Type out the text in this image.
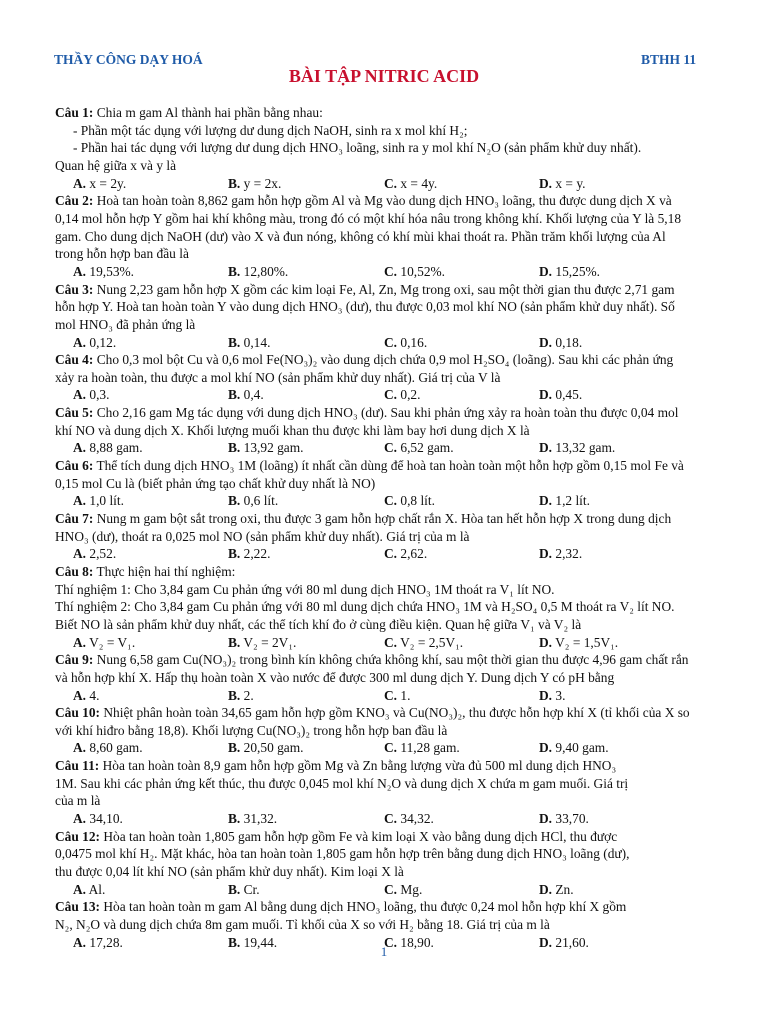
THẦY CÔNG DẠY HOÁ	BTHH 11
BÀI TẬP NITRIC ACID
Câu 1: Chia m gam Al thành hai phần bằng nhau:
- Phần một tác dụng với lượng dư dung dịch NaOH, sinh ra x mol khí H₂;
- Phần hai tác dụng với lượng dư dung dịch HNO₃ loãng, sinh ra y mol khí N₂O (sản phẩm khử duy nhất).
Quan hệ giữa x và y là
A. x = 2y.	B. y = 2x.	C. x = 4y.	D. x = y.
Câu 2: Hoà tan hoàn toàn 8,862 gam hỗn hợp gồm Al và Mg vào dung dịch HNO₃ loãng, thu được dung dịch X và
0,14 mol hỗn hợp Y gồm hai khí không màu, trong đó có một khí hóa nâu trong không khí. Khối lượng của Y là 5,18
gam. Cho dung dịch NaOH (dư) vào X và đun nóng, không có khí mùi khai thoát ra. Phần trăm khối lượng của Al
trong hỗn hợp ban đầu là
A. 19,53%.	B. 12,80%.	C. 10,52%.	D. 15,25%.
Câu 3: Nung 2,23 gam hỗn hợp X gồm các kim loại Fe, Al, Zn, Mg trong oxi, sau một thời gian thu được 2,71 gam
hỗn hợp Y. Hoà tan hoàn toàn Y vào dung dịch HNO₃ (dư), thu được 0,03 mol khí NO (sản phẩm khử duy nhất). Số
mol HNO₃ đã phản ứng là
A. 0,12.	B. 0,14.	C. 0,16.	D. 0,18.
Câu 4: Cho 0,3 mol bột Cu và 0,6 mol Fe(NO₃)₂ vào dung dịch chứa 0,9 mol H₂SO₄ (loãng). Sau khi các phản ứng
xảy ra hoàn toàn, thu được a mol khí NO (sản phẩm khử duy nhất). Giá trị của V là
A. 0,3.	B. 0,4.	C. 0,2.	D. 0,45.
Câu 5: Cho 2,16 gam Mg tác dụng với dung dịch HNO₃ (dư). Sau khi phản ứng xảy ra hoàn toàn thu được 0,04 mol
khí NO và dung dịch X. Khối lượng muối khan thu được khi làm bay hơi dung dịch X là
A. 8,88 gam.	B. 13,92 gam.	C. 6,52 gam.	D. 13,32 gam.
Câu 6: Thể tích dung dịch HNO₃ 1M (loãng) ít nhất cần dùng để hoà tan hoàn toàn một hỗn hợp gồm 0,15 mol Fe và
0,15 mol Cu là (biết phản ứng tạo chất khử duy nhất là NO)
A. 1,0 lít.	B. 0,6 lít.	C. 0,8 lít.	D. 1,2 lít.
Câu 7: Nung m gam bột sắt trong oxi, thu được 3 gam hỗn hợp chất rắn X. Hòa tan hết hỗn hợp X trong dung dịch
HNO₃ (dư), thoát ra 0,025 mol NO (sản phẩm khử duy nhất). Giá trị của m là
A. 2,52.	B. 2,22.	C. 2,62.	D. 2,32.
Câu 8: Thực hiện hai thí nghiệm:
Thí nghiệm 1: Cho 3,84 gam Cu phản ứng với 80 ml dung dịch HNO₃ 1M thoát ra V₁ lít NO.
Thí nghiệm 2: Cho 3,84 gam Cu phản ứng với 80 ml dung dịch chứa HNO₃ 1M và H₂SO₄ 0,5 M thoát ra V₂ lít NO.
Biết NO là sản phẩm khử duy nhất, các thể tích khí đo ở cùng điều kiện. Quan hệ giữa V₁ và V₂ là
A. V₂ = V₁.	B. V₂ = 2V₁.	C. V₂ = 2,5V₁.	D. V₂ = 1,5V₁.
Câu 9: Nung 6,58 gam Cu(NO₃)₂ trong bình kín không chứa không khí, sau một thời gian thu được 4,96 gam chất rắn
và hỗn hợp khí X. Hấp thụ hoàn toàn X vào nước để được 300 ml dung dịch Y. Dung dịch Y có pH bằng
A. 4.	B. 2.	C. 1.	D. 3.
Câu 10: Nhiệt phân hoàn toàn 34,65 gam hỗn hợp gồm KNO₃ và Cu(NO₃)₂, thu được hỗn hợp khí X (tỉ khối của X so
với khí hiđro bằng 18,8). Khối lượng Cu(NO₃)₂ trong hỗn hợp ban đầu là
A. 8,60 gam.	B. 20,50 gam.	C. 11,28 gam.	D. 9,40 gam.
Câu 11: Hòa tan hoàn toàn 8,9 gam hỗn hợp gồm Mg và Zn bằng lượng vừa đủ 500 ml dung dịch HNO₃
1M. Sau khi các phản ứng kết thúc, thu được 0,045 mol khí N₂O và dung dịch X chứa m gam muối. Giá trị
của m là
A. 34,10.	B. 31,32.	C. 34,32.	D. 33,70.
Câu 12: Hòa tan hoàn toàn 1,805 gam hỗn hợp gồm Fe và kim loại X vào bằng dung dịch HCl, thu được
0,0475 mol khí H₂. Mặt khác, hòa tan hoàn toàn 1,805 gam hỗn hợp trên bằng dung dịch HNO₃ loãng (dư),
thu được 0,04 lít khí NO (sản phẩm khử duy nhất). Kim loại X là
A. Al.	B. Cr.	C. Mg.	D. Zn.
Câu 13: Hòa tan hoàn toàn m gam Al bằng dung dịch HNO₃ loãng, thu được 0,24 mol hỗn hợp khí X gồm
N₂, N₂O và dung dịch chứa 8m gam muối. Tỉ khối của X so với H₂ bằng 18. Giá trị của m là
A. 17,28.	B. 19,44.	C. 18,90.	D. 21,60.
1
